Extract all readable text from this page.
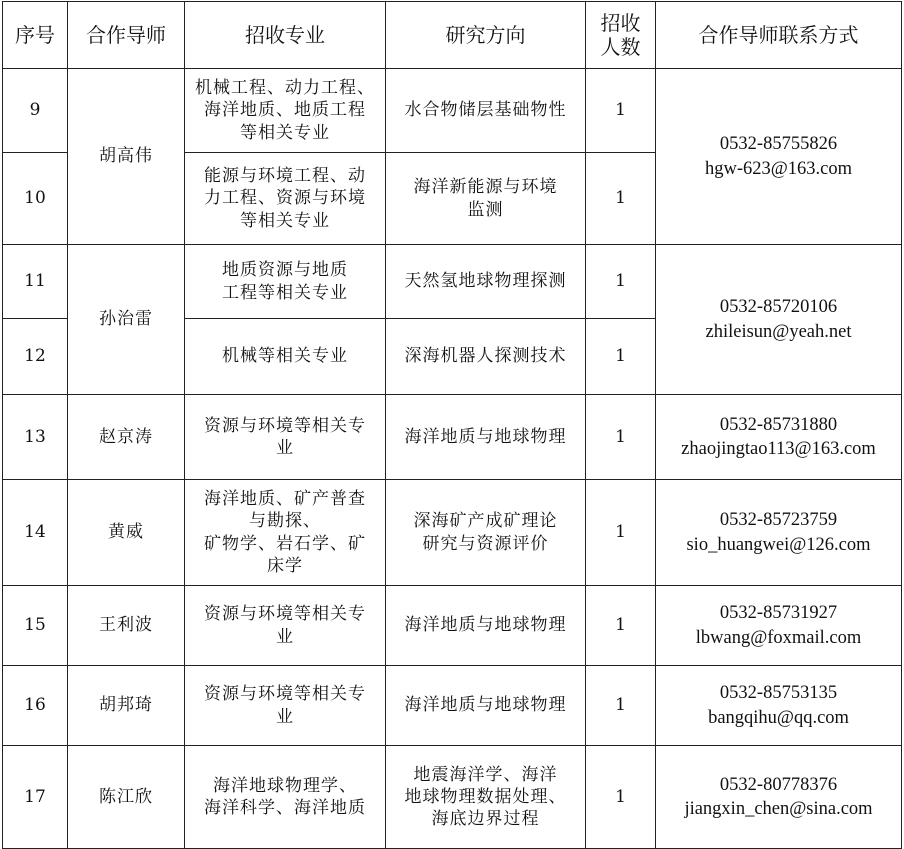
序号	合作导师	招收专业	研究方向	招收
人数	合作导师联系方式
9	胡高伟	机械工程、动力工程、
海洋地质、地质工程
等相关专业	水合物储层基础物性	1	0532-85755826
hgw-623@163.com

10		能源与环境工程、动
力工程、资源与环境
等相关专业	海洋新能源与环境
监测	1	
11	孙治雷	地质资源与地质
工程等相关专业	天然氢地球物理探测	1	0532-85720106
zhileisun@yeah.net

12		机械等相关专业	深海机器人探测技术	1	
13	赵京涛	资源与环境等相关专
业	海洋地质与地球物理	1	0532-85731880
zhaojingtao113@163.com

14	黄威	海洋地质、矿产普查
与勘探、
矿物学、岩石学、矿
床学	深海矿产成矿理论
研究与资源评价	1	0532-85723759
sio_huangwei@126.com

15	王利波	资源与环境等相关专
业	海洋地质与地球物理	1	0532-85731927
lbwang@foxmail.com

16	胡邦琦	资源与环境等相关专
业	海洋地质与地球物理	1	0532-85753135
bangqihu@qq.com

17	陈江欣	海洋地球物理学、
海洋科学、海洋地质	地震海洋学、海洋
地球物理数据处理、
海底边界过程	1	0532-80778376
jiangxin_chen@sina.com
